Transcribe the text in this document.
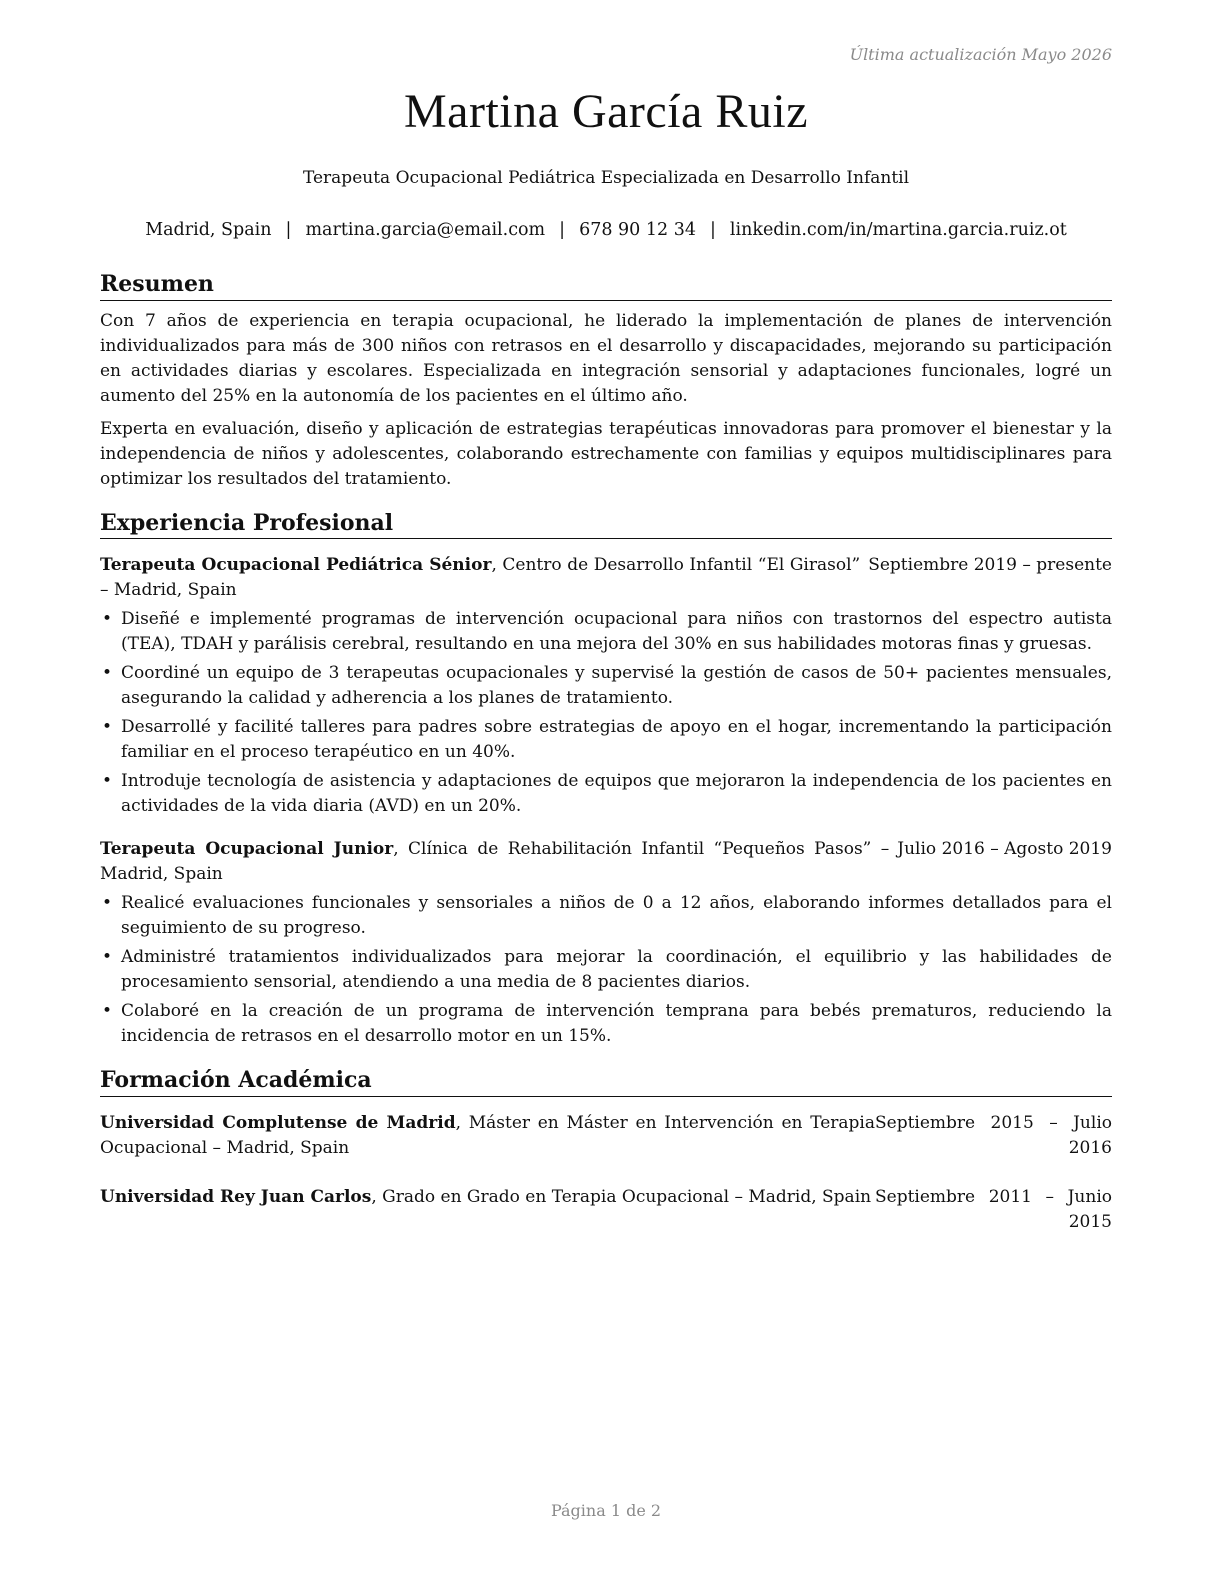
Última actualización Mayo 2026
Martina García Ruiz
Terapeuta Ocupacional Pediátrica Especializada en Desarrollo Infantil
Madrid, Spain | martina.garcia@email.com | 678 90 12 34 | linkedin.com/in/martina.garcia.ruiz.ot
Resumen

Con 7 años de experiencia en terapia ocupacional, he liderado la implementación de planes de intervención individualizados para más de 300 niños con retrasos en el desarrollo y discapacidades, mejorando su participación en actividades diarias y escolares. Especializada en integración sensorial y adaptaciones funcionales, logré un aumento del 25% en la autonomía de los pacientes en el último año.

Experta en evaluación, diseño y aplicación de estrategias terapéuticas innovadoras para promover el bienestar y la independencia de niños y adolescentes, colaborando estrechamente con familias y equipos multidisciplinares para optimizar los resultados del tratamiento.

Experiencia Profesional
Terapeuta Ocupacional Pediátrica Sénior, Centro de Desarrollo Infantil “El Girasol” – Madrid, Spain
Septiembre 2019 – presente
• Diseñé e implementé programas de intervención ocupacional para niños con trastornos del espectro autista (TEA), TDAH y parálisis cerebral, resultando en una mejora del 30% en sus habilidades motoras finas y gruesas.
• Coordiné un equipo de 3 terapeutas ocupacionales y supervisé la gestión de casos de 50+ pacientes mensuales, asegurando la calidad y adherencia a los planes de tratamiento.
• Desarrollé y facilité talleres para padres sobre estrategias de apoyo en el hogar, incrementando la participación familiar en el proceso terapéutico en un 40%.
• Introduje tecnología de asistencia y adaptaciones de equipos que mejoraron la independencia de los pacientes en actividades de la vida diaria (AVD) en un 20%.
Terapeuta Ocupacional Junior, Clínica de Rehabilitación Infantil “Pequeños Pasos” – Madrid, Spain
Julio 2016 – Agosto 2019
• Realicé evaluaciones funcionales y sensoriales a niños de 0 a 12 años, elaborando informes detallados para el seguimiento de su progreso.
• Administré tratamientos individualizados para mejorar la coordinación, el equilibrio y las habilidades de procesamiento sensorial, atendiendo a una media de 8 pacientes diarios.
• Colaboré en la creación de un programa de intervención temprana para bebés prematuros, reduciendo la incidencia de retrasos en el desarrollo motor en un 15%.
Formación Académica
Universidad Complutense de Madrid, Máster en Máster en Intervención en Terapia Ocupacional – Madrid, Spain
Septiembre 2015 – Julio 2016
Universidad Rey Juan Carlos, Grado en Grado en Terapia Ocupacional – Madrid, Spain Septiembre 2011 – Junio 2015
Página 1 de 2
